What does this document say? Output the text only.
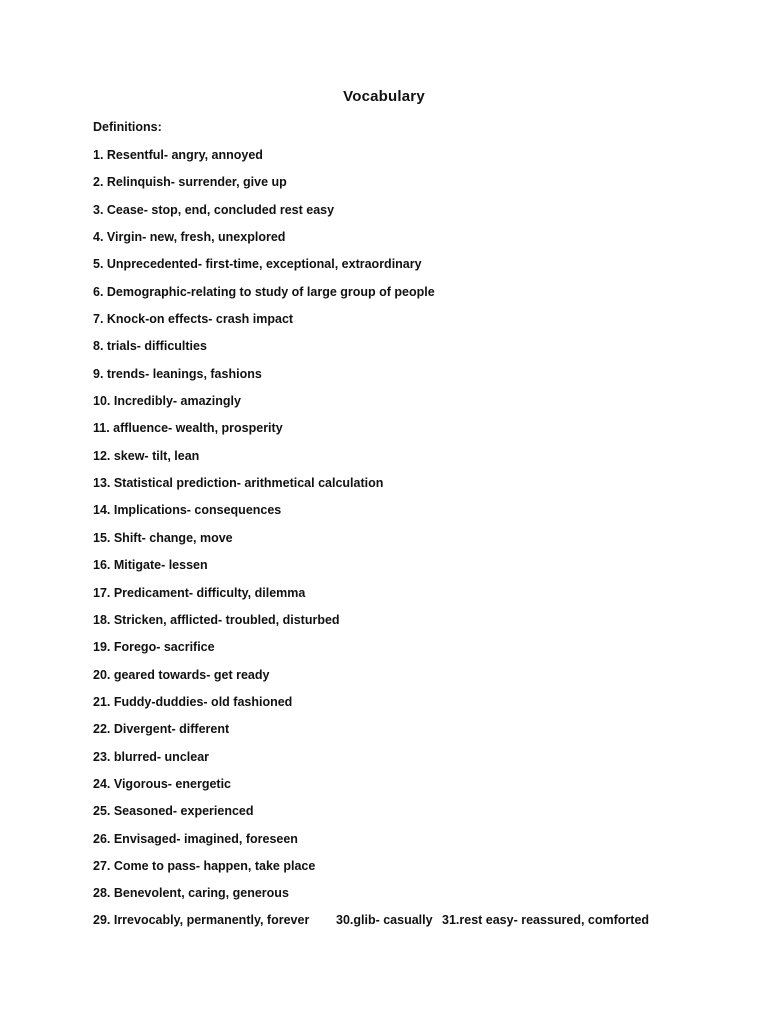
Vocabulary
Definitions:
1. Resentful- angry, annoyed
2. Relinquish- surrender, give up
3. Cease- stop, end, concluded rest easy
4. Virgin- new, fresh, unexplored
5. Unprecedented- first-time, exceptional, extraordinary
6. Demographic-relating to study of large group of people
7. Knock-on effects- crash impact
8. trials- difficulties
9. trends- leanings, fashions
10. Incredibly- amazingly
11. affluence- wealth, prosperity
12. skew- tilt, lean
13. Statistical prediction- arithmetical calculation
14. Implications- consequences
15. Shift- change, move
16. Mitigate- lessen
17. Predicament- difficulty, dilemma
18. Stricken, afflicted- troubled, disturbed
19. Forego- sacrifice
20. geared towards- get ready
21. Fuddy-duddies- old fashioned
22. Divergent- different
23. blurred- unclear
24. Vigorous- energetic
25. Seasoned- experienced
26. Envisaged- imagined, foreseen
27. Come to pass- happen, take place
28. Benevolent, caring, generous
29. Irrevocably, permanently, forever 30.glib- casually 31.rest easy- reassured, comforted
